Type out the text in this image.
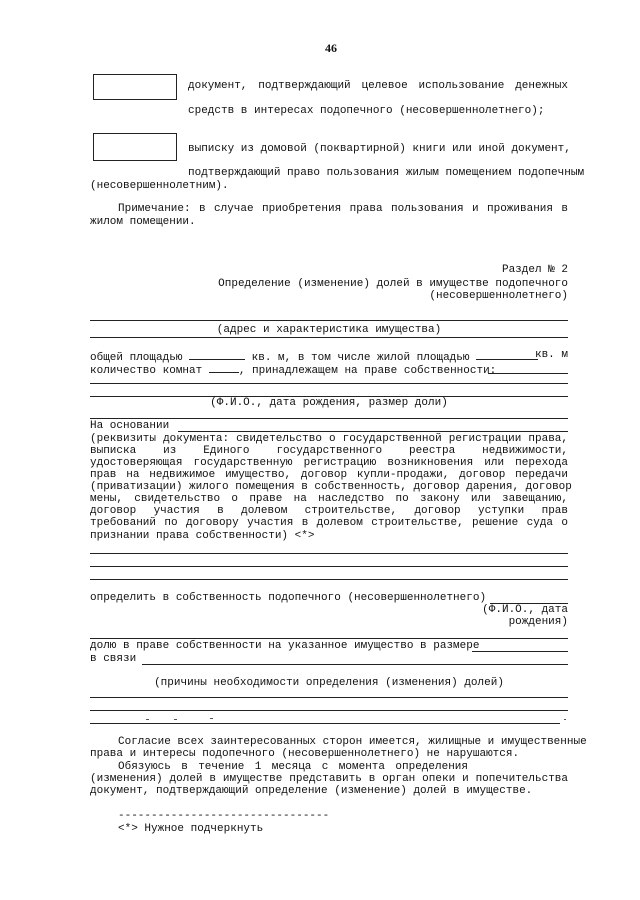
46
документ, подтверждающий целевое использование денежных
средств в интересах подопечного (несовершеннолетнего);
выписку из домовой (поквартирной) книги или иной документ,
подтверждающий право пользования жилым помещением подопечным
(несовершеннолетним).
Примечание: в случае приобретения права пользования и проживания в
жилом помещении.
Раздел № 2
Определение (изменение) долей в имуществе подопечного
(несовершеннолетнего)
(адрес и характеристика имущества)
общей площадью	кв. м, в том числе жилой площадью	кв. м
количество комнат	, принадлежащем на праве собственности:
(Ф.И.О., дата рождения, размер доли)
На основании
(реквизиты документа: свидетельство о государственной регистрации права,
выписка из Единого государственного реестра недвижимости,
удостоверяющая государственную регистрацию возникновения или перехода
прав на недвижимое имущество, договор купли-продажи, договор передачи
(приватизации) жилого помещения в собственность, договор дарения, договор
мены, свидетельство о праве на наследство по закону или завещанию,
договор участия в долевом строительстве, договор уступки прав
требований по договору участия в долевом строительстве, решение суда о
признании права собственности) <*>
определить в собственность подопечного (несовершеннолетнего)
(Ф.И.О., дата
рождения)
долю в праве собственности на указанное имущество в размере
в связи
(причины необходимости определения (изменения) долей)
Согласие всех заинтересованных сторон имеется, жилищные и имущественные
права и интересы подопечного (несовершеннолетнего) не нарушаются.
Обязуюсь в течение 1 месяца с момента определения
(изменения) долей в имуществе представить в орган опеки и попечительства
документ, подтверждающий определение (изменение) долей в имуществе.
--------------------------------
<*> Нужное подчеркнуть
